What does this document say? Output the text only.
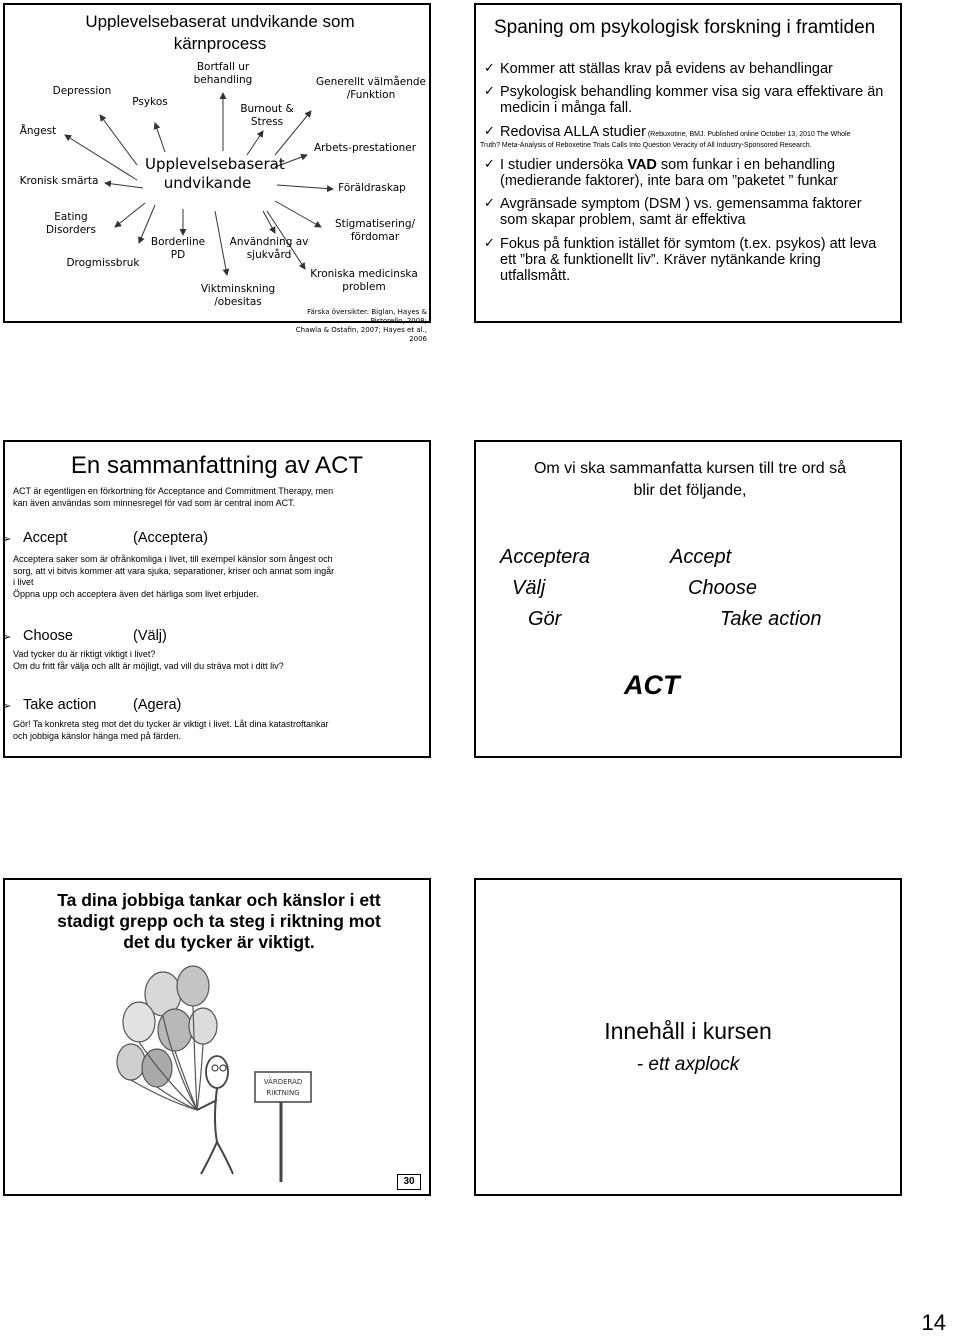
Upplevelsebaserat undvikande som
kärnprocess
Upplevelsebaserat
undvikande
Depression
Ångest
Psykos
Kronisk smärta
Eating
Disorders
Drogmissbruk
Borderline
PD
Viktminskning
/obesitas
Bortfall ur
behandling
Burnout &
Stress
Användning av
sjukvård
Generellt välmående
/Funktion
Arbets-prestationer
Föräldraskap
Stigmatisering/
fördomar
Kroniska medicinska
problem
Färska översikter: Biglan, Hayes & Pistorello, 2008;
Chawla & Ostafin, 2007; Hayes et al., 2006
Spaning om psykologisk forskning i framtiden
✓ Kommer att ställas krav på evidens av behandlingar
✓ Psykologisk behandling kommer visa sig vara effektivare än medicin i många fall.
✓ Redovisa ALLA studier (Rebuxotine, BMJ. Published online October 13, 2010 The Whole
Truth? Meta-Analysis of Reboxetine Trials Calls Into Question Veracity of All Industry-Sponsored Research.
✓ I studier undersöka VAD som funkar i en behandling (medierande faktorer), inte bara om ”paketet ” funkar
✓ Avgränsade symptom (DSM ) vs. gemensamma faktorer som skapar problem, samt är effektiva
✓ Fokus på funktion istället för symtom (t.ex. psykos) att leva ett ”bra & funktionellt liv”. Kräver nytänkande kring utfallsmått.
En sammanfattning av ACT
ACT är egentligen en förkortning för Acceptance and Commitment Therapy, men
kan även användas som minnesregel för vad som är central inom ACT.
➢ Accept	(Acceptera)
Acceptera saker som är ofrånkomliga i livet, till exempel känslor som ångest och
sorg, att vi bitvis kommer att vara sjuka, separationer, kriser och annat som ingår
i livet
Öppna upp och acceptera även det härliga som livet erbjuder.
➢ Choose	(Välj)
Vad tycker du är riktigt viktigt i livet?
Om du fritt får välja och allt är möjligt, vad vill du sträva mot i ditt liv?
➢ Take action	(Agera)
Gör! Ta konkreta steg mot det du tycker är viktigt i livet. Låt dina katastroftankar
och jobbiga känslor hänga med på färden.
Om vi ska sammanfatta kursen till tre ord så
blir det följande,
Acceptera	Accept
Välj	Choose
Gör	Take action
ACT
Ta dina jobbiga tankar och känslor i ett
stadigt grepp och ta steg i riktning mot
det du tycker är viktigt.
VÄRDERAD
RIKTNING
30
Innehåll i kursen
- ett axplock
14
